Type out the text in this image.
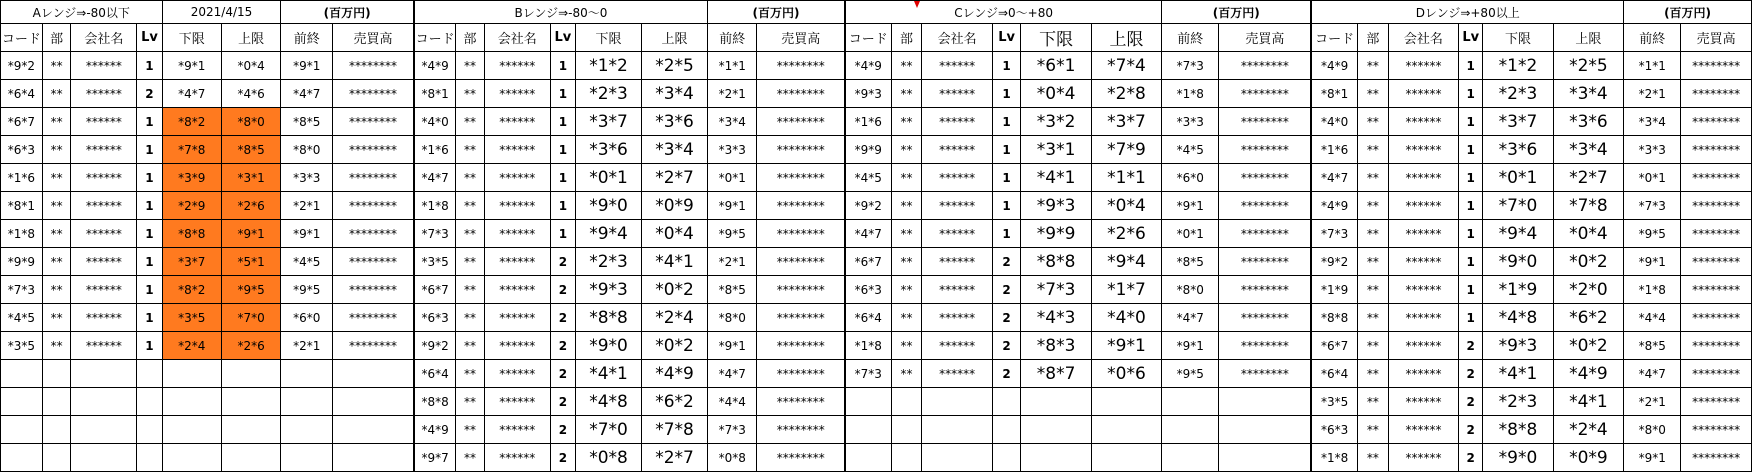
Aレンジ⇒-80以下				2021/4/15		(百万円)		Bレンジ⇒-80〜0						(百万円)		Cレンジ⇒0〜+80						(百万円)		Dレンジ⇒+80以上						(百万円)	
コード	部	会社名	Lv	下限	上限	前終	売買高	コード	部	会社名	Lv	下限	上限	前終	売買高	コード	部	会社名	Lv	下限	上限	前終	売買高	コード	部	会社名	Lv	下限	上限	前終	売買高
*9*2	**	******	1	*9*1	*0*4	*9*1	********	*4*9	**	******	1	*1*2	*2*5	*1*1	********	*4*9	**	******	1	*6*1	*7*4	*7*3	********	*4*9	**	******	1	*1*2	*2*5	*1*1	********
*6*4	**	******	2	*4*7	*4*6	*4*7	********	*8*1	**	******	1	*2*3	*3*4	*2*1	********	*9*3	**	******	1	*0*4	*2*8	*1*8	********	*8*1	**	******	1	*2*3	*3*4	*2*1	********
*6*7	**	******	1	*8*2	*8*0	*8*5	********	*4*0	**	******	1	*3*7	*3*6	*3*4	********	*1*6	**	******	1	*3*2	*3*7	*3*3	********	*4*0	**	******	1	*3*7	*3*6	*3*4	********
*6*3	**	******	1	*7*8	*8*5	*8*0	********	*1*6	**	******	1	*3*6	*3*4	*3*3	********	*9*9	**	******	1	*3*1	*7*9	*4*5	********	*1*6	**	******	1	*3*6	*3*4	*3*3	********
*1*6	**	******	1	*3*9	*3*1	*3*3	********	*4*7	**	******	1	*0*1	*2*7	*0*1	********	*4*5	**	******	1	*4*1	*1*1	*6*0	********	*4*7	**	******	1	*0*1	*2*7	*0*1	********
*8*1	**	******	1	*2*9	*2*6	*2*1	********	*1*8	**	******	1	*9*0	*0*9	*9*1	********	*9*2	**	******	1	*9*3	*0*4	*9*1	********	*4*9	**	******	1	*7*0	*7*8	*7*3	********
*1*8	**	******	1	*8*8	*9*1	*9*1	********	*7*3	**	******	1	*9*4	*0*4	*9*5	********	*4*7	**	******	1	*9*9	*2*6	*0*1	********	*7*3	**	******	1	*9*4	*0*4	*9*5	********
*9*9	**	******	1	*3*7	*5*1	*4*5	********	*3*5	**	******	2	*2*3	*4*1	*2*1	********	*6*7	**	******	2	*8*8	*9*4	*8*5	********	*9*2	**	******	1	*9*0	*0*2	*9*1	********
*7*3	**	******	1	*8*2	*9*5	*9*5	********	*6*7	**	******	2	*9*3	*0*2	*8*5	********	*6*3	**	******	2	*7*3	*1*7	*8*0	********	*1*9	**	******	1	*1*9	*2*0	*1*8	********
*4*5	**	******	1	*3*5	*7*0	*6*0	********	*6*3	**	******	2	*8*8	*2*4	*8*0	********	*6*4	**	******	2	*4*3	*4*0	*4*7	********	*8*8	**	******	1	*4*8	*6*2	*4*4	********
*3*5	**	******	1	*2*4	*2*6	*2*1	********	*9*2	**	******	2	*9*0	*0*2	*9*1	********	*1*8	**	******	2	*8*3	*9*1	*9*1	********	*6*7	**	******	2	*9*3	*0*2	*8*5	********
								*6*4	**	******	2	*4*1	*4*9	*4*7	********	*7*3	**	******	2	*8*7	*0*6	*9*5	********	*6*4	**	******	2	*4*1	*4*9	*4*7	********
								*8*8	**	******	2	*4*8	*6*2	*4*4	********									*3*5	**	******	2	*2*3	*4*1	*2*1	********
								*4*9	**	******	2	*7*0	*7*8	*7*3	********									*6*3	**	******	2	*8*8	*2*4	*8*0	********
								*9*7	**	******	2	*0*8	*2*7	*0*8	********									*1*8	**	******	2	*9*0	*0*9	*9*1	********
